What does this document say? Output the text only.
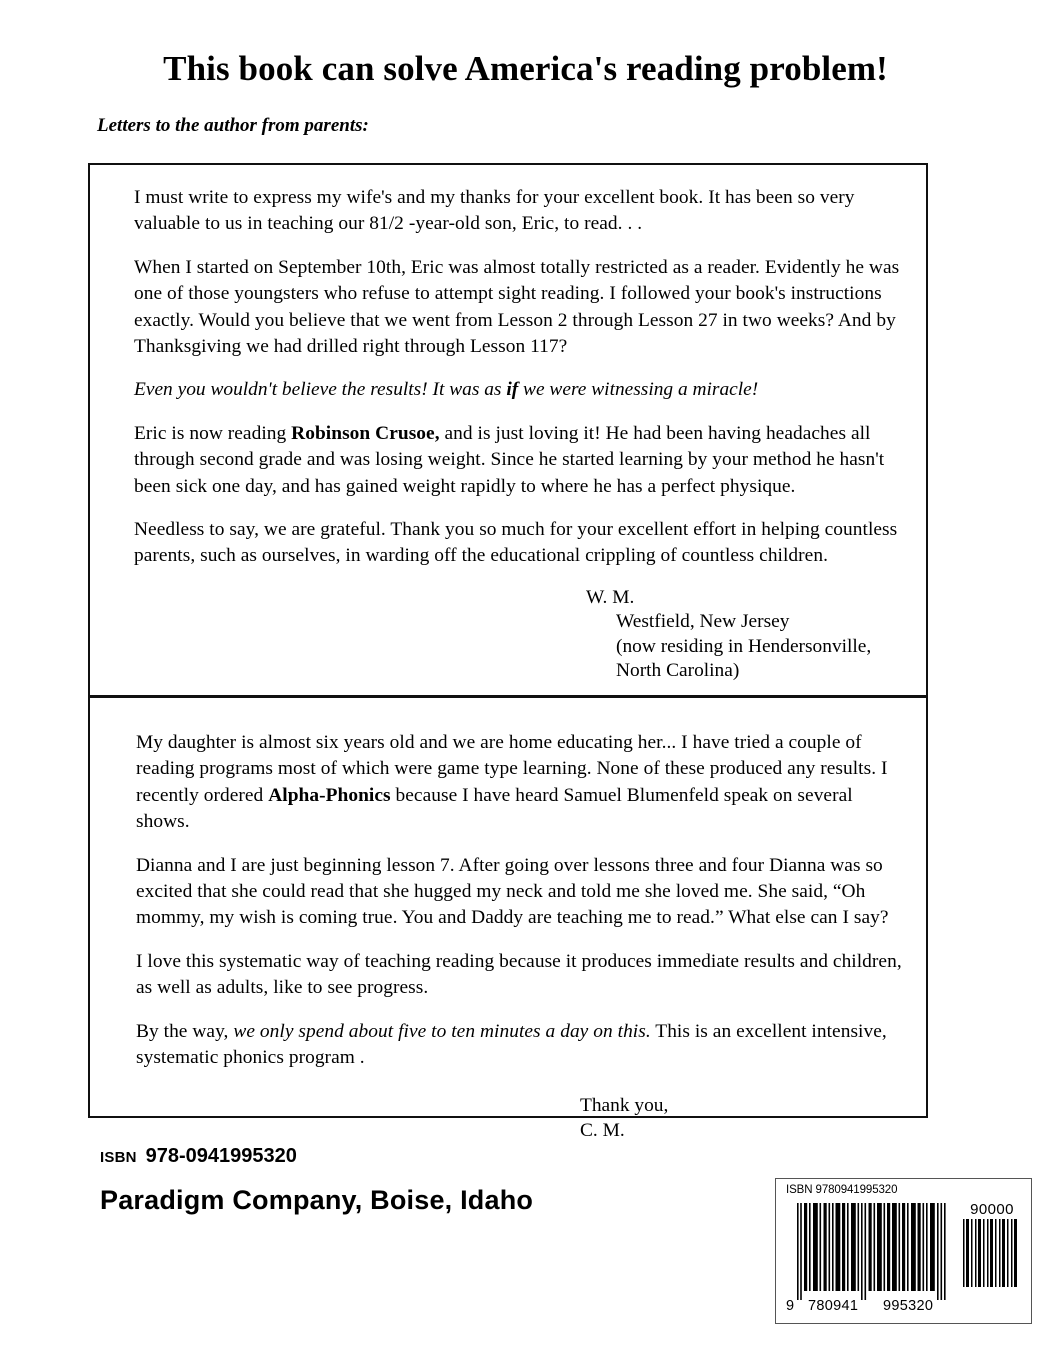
This book can solve America's reading problem!
Letters to the author from parents:

I must write to express my wife's and my thanks for your excellent book. It has been so very valuable to us in teaching our 81/2 -year-old son, Eric, to read. . .

When I started on September 10th, Eric was almost totally restricted as a reader. Evidently he was one of those youngsters who refuse to attempt sight reading. I followed your book's instructions exactly. Would you believe that we went from Lesson 2 through Lesson 27 in two weeks? And by Thanksgiving we had drilled right through Lesson 117?

Even you wouldn't believe the results! It was as if we were witnessing a miracle!

Eric is now reading Robinson Crusoe, and is just loving it! He had been having headaches all through second grade and was losing weight. Since he started learning by your method he hasn't been sick one day, and has gained weight rapidly to where he has a perfect physique.

Needless to say, we are grateful. Thank you so much for your excellent effort in helping countless parents, such as ourselves, in warding off the educational crippling of countless children.

W. M.
Westfield, New Jersey
(now residing in Hendersonville,
North Carolina)

My daughter is almost six years old and we are home educating her... I have tried a couple of reading programs most of which were game type learning. None of these produced any results. I recently ordered Alpha-Phonics because I have heard Samuel Blumenfeld speak on several shows.

Dianna and I are just beginning lesson 7. After going over lessons three and four Dianna was so excited that she could read that she hugged my neck and told me she loved me. She said, “Oh mommy, my wish is coming true. You and Daddy are teaching me to read.” What else can I say?

I love this systematic way of teaching reading because it produces immediate results and children, as well as adults, like to see progress.

By the way, we only spend about five to ten minutes a day on this. This is an excellent intensive, systematic phonics program .

Thank you,
C. M.
ISBN 978-0941995320
Paradigm Company, Boise, Idaho	ISBN 9780941995320
90000
9 780941 995320
